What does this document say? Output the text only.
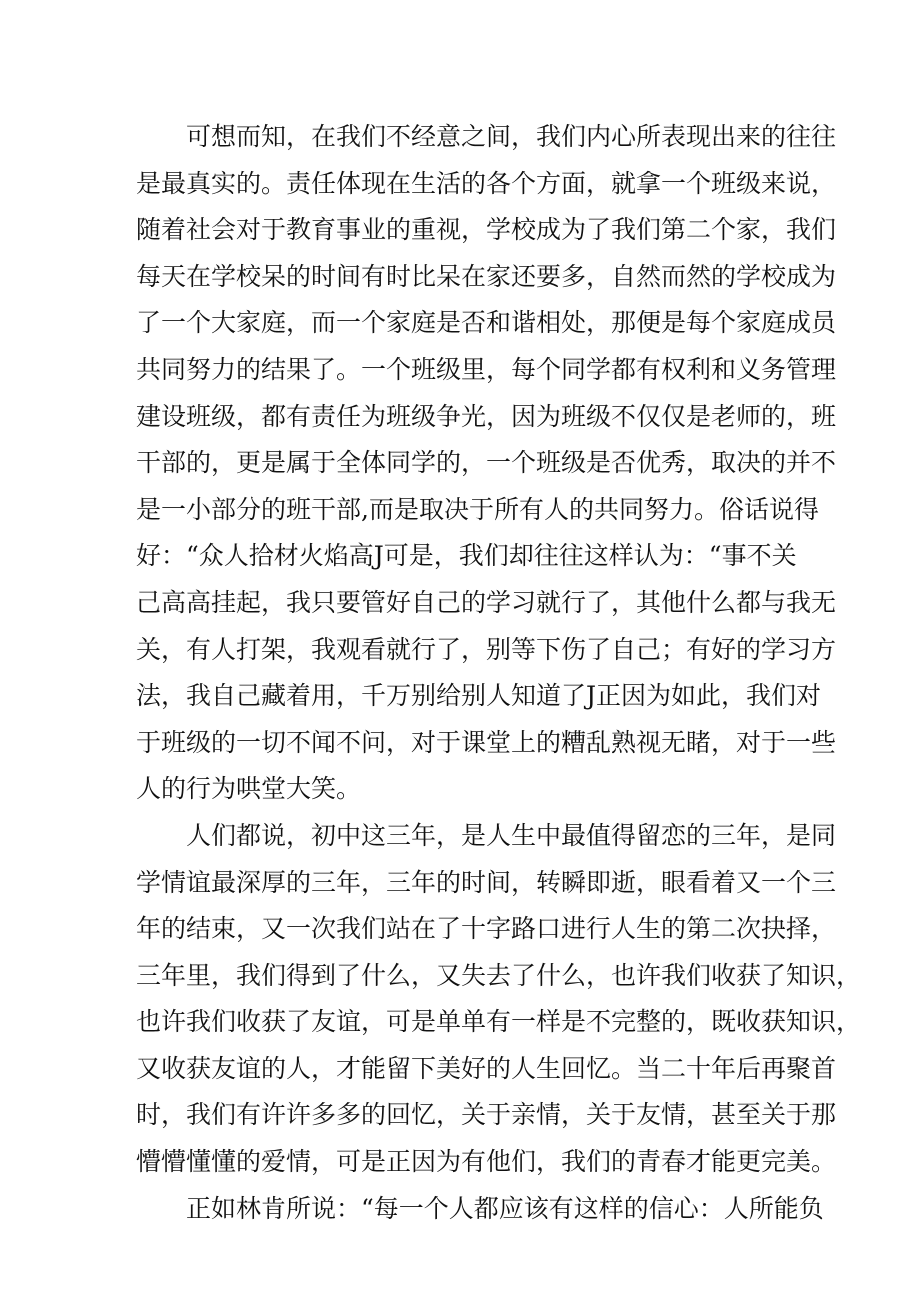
可想而知，在我们不经意之间，我们内心所表现出来的往往
是最真实的。责任体现在生活的各个方面，就拿一个班级来说，
随着社会对于教育事业的重视，学校成为了我们第二个家，我们
每天在学校呆的时间有时比呆在家还要多，自然而然的学校成为
了一个大家庭，而一个家庭是否和谐相处，那便是每个家庭成员
共同努力的结果了。一个班级里，每个同学都有权利和义务管理
建设班级，都有责任为班级争光，因为班级不仅仅是老师的，班
干部的，更是属于全体同学的，一个班级是否优秀，取决的并不
是一小部分的班干部,而是取决于所有人的共同努力。俗话说得
好：“众人拾材火焰高J可是，我们却往往这样认为：“事不关
己高高挂起，我只要管好自己的学习就行了，其他什么都与我无
关，有人打架，我观看就行了，别等下伤了自己；有好的学习方
法，我自己藏着用，千万别给别人知道了J正因为如此，我们对
于班级的一切不闻不问，对于课堂上的糟乱熟视无睹，对于一些
人的行为哄堂大笑。
人们都说，初中这三年，是人生中最值得留恋的三年，是同
学情谊最深厚的三年，三年的时间，转瞬即逝，眼看着又一个三
年的结束，又一次我们站在了十字路口进行人生的第二次抉择，
三年里，我们得到了什么，又失去了什么，也许我们收获了知识，
也许我们收获了友谊，可是单单有一样是不完整的，既收获知识，
又收获友谊的人，才能留下美好的人生回忆。当二十年后再聚首
时，我们有许许多多的回忆，关于亲情，关于友情，甚至关于那
懵懵懂懂的爱情，可是正因为有他们，我们的青春才能更完美。
正如林肯所说：“每一个人都应该有这样的信心：人所能负
